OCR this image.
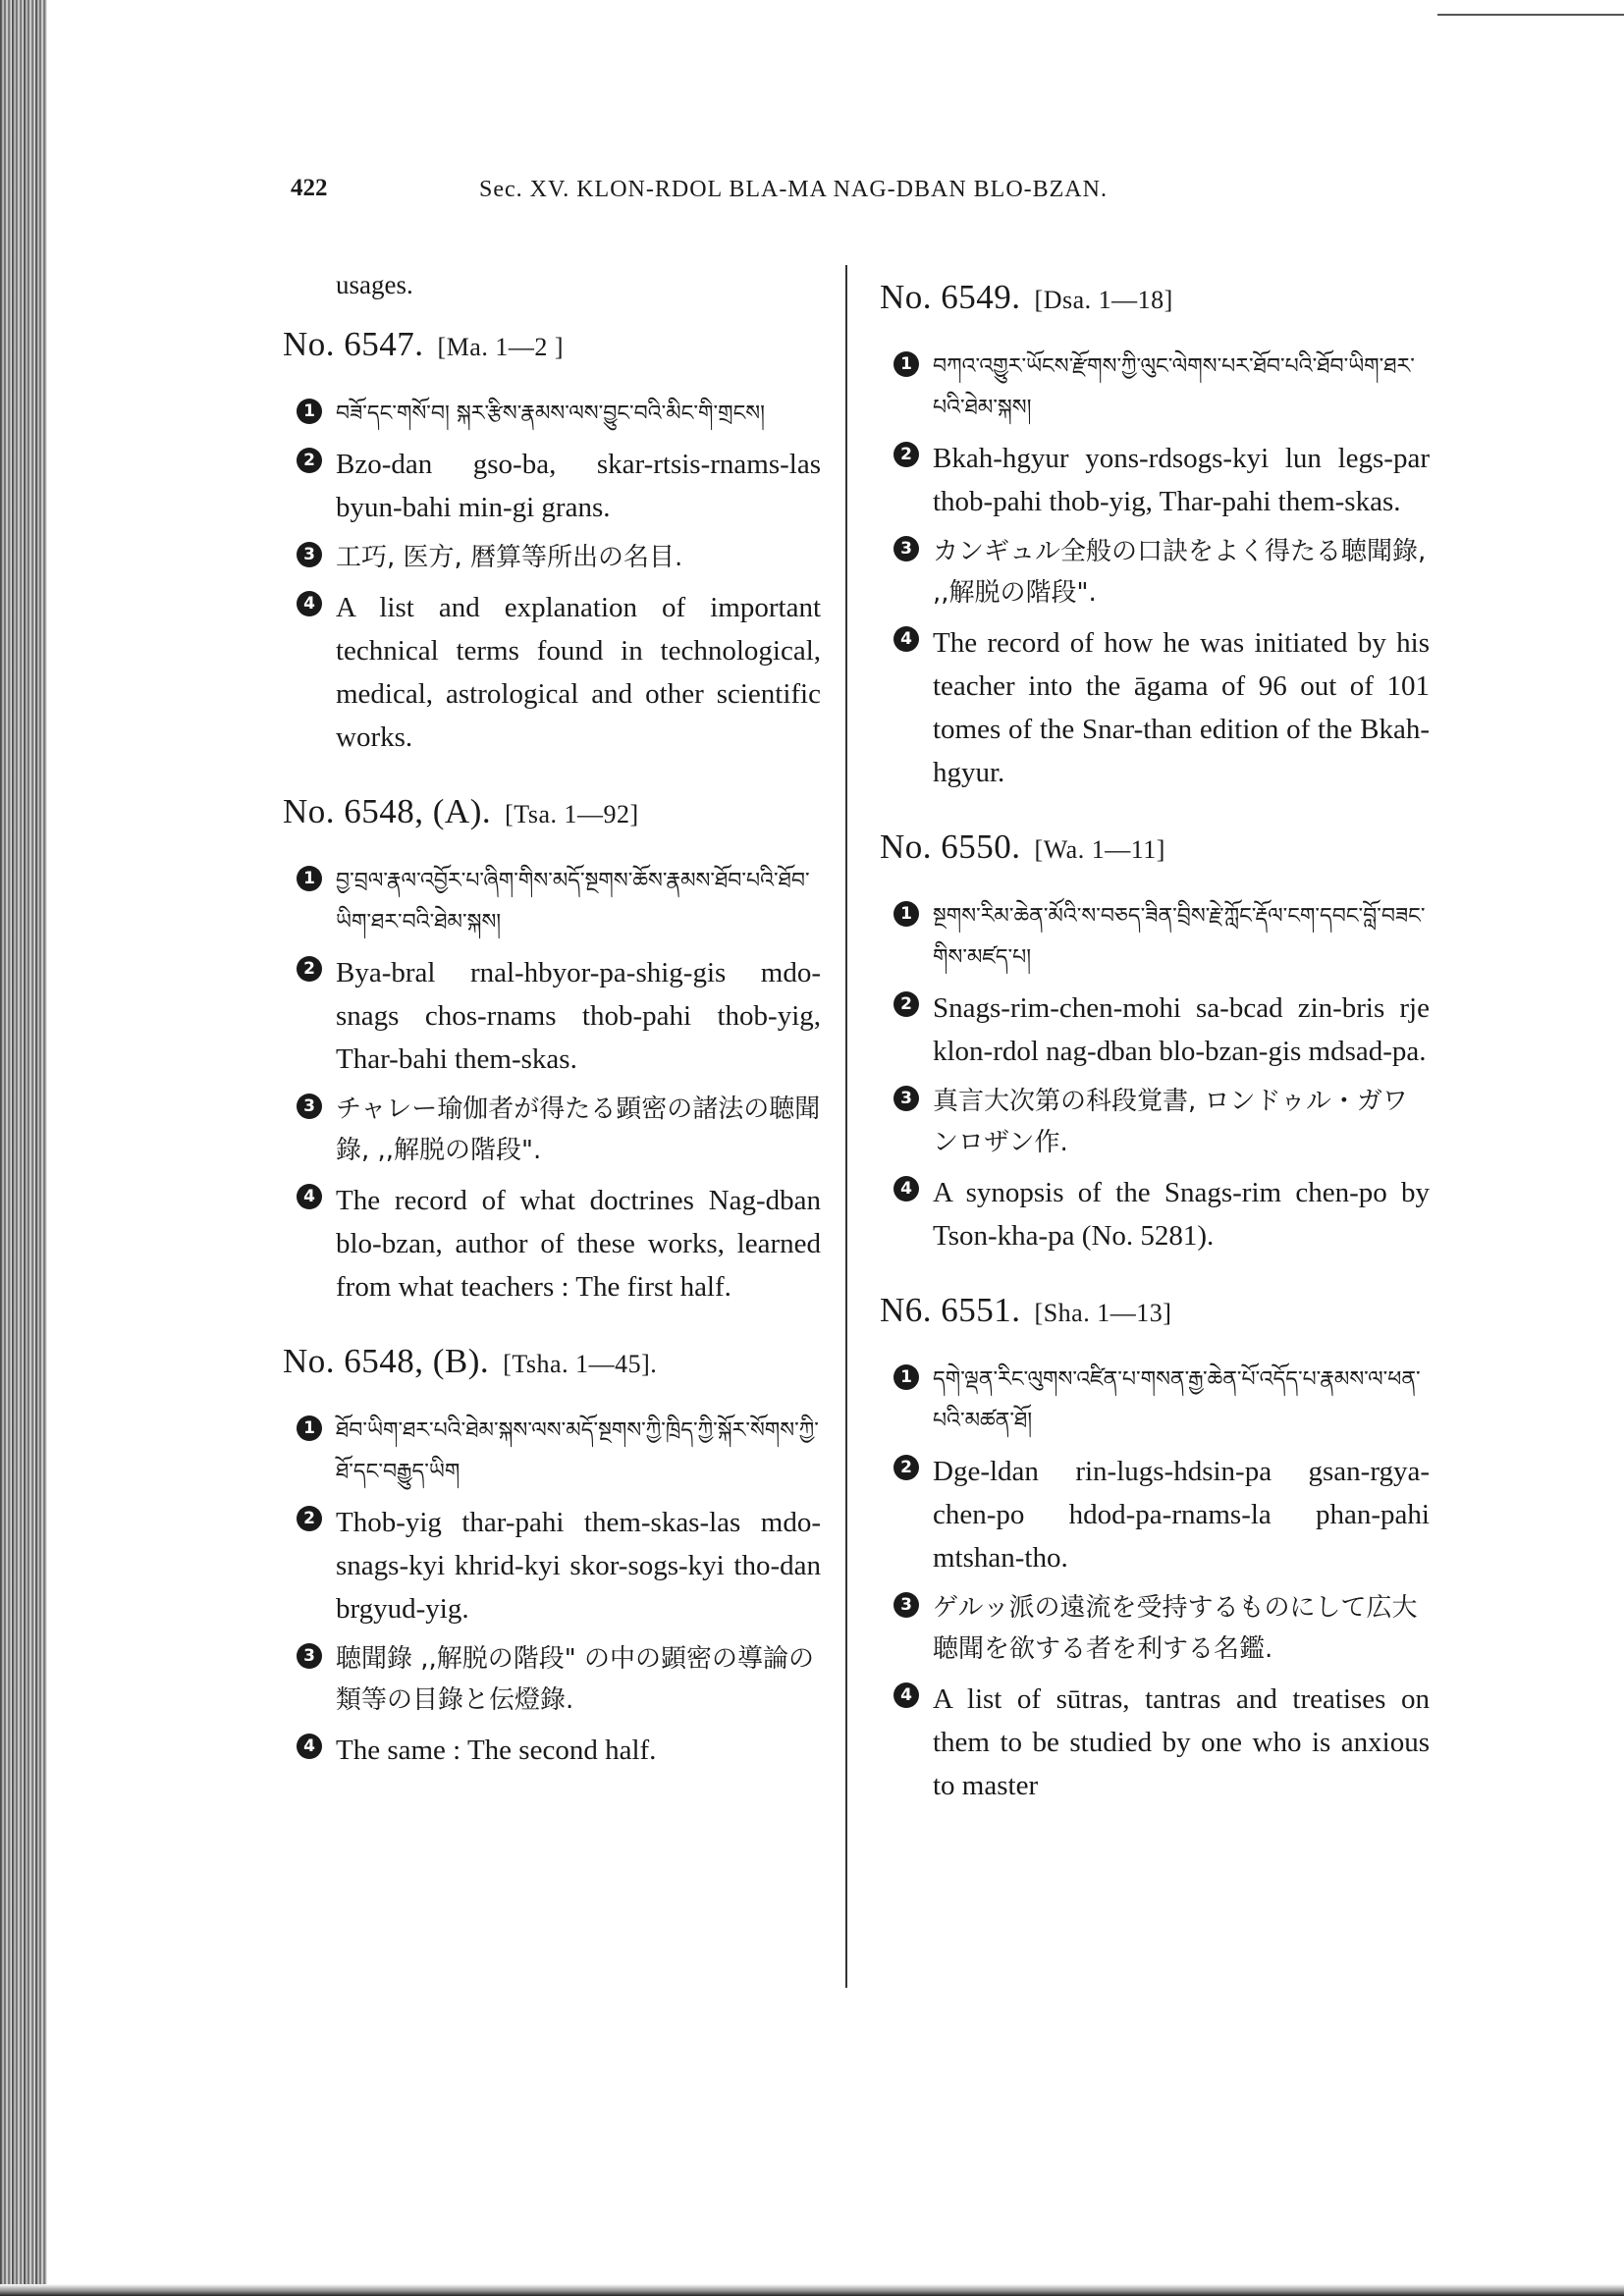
422	Sec. XV. KLON-RDOL BLA-MA NAG-DBAN BLO-BZAN.
usages.
No. 6547. [Ma. 1—2 ]
1 བཟོ་དང་གསོ་བ། སྐར་རྩིས་རྣམས་ལས་བྱུང་བའི་མིང་གི་གྲངས།
2 Bzo-dan gso-ba, skar-rtsis-rnams-las byun-bahi min-gi grans.
3 工巧, 医方, 暦算等所出の名目.
4 A list and explanation of important technical terms found in technological, medical, astrological and other scientific works.
No. 6548, (A). [Tsa. 1—92]
1 བྱ་བྲལ་རྣལ་འབྱོར་པ་ཞིག་གིས་མདོ་སྔགས་ཆོས་རྣམས་ཐོབ་པའི་ཐོབ་ཡིག་ཐར་བའི་ཐེམ་སྐས།
2 Bya-bral rnal-hbyor-pa-shig-gis mdo-snags chos-rnams thob-pahi thob-yig, Thar-bahi them-skas.
3 チャレー瑜伽者が得たる顕密の諸法の聴聞錄, ,,解脱の階段".
4 The record of what doctrines Nag-dban blo-bzan, author of these works, learned from what teachers : The first half.
No. 6548, (B). [Tsha. 1—45].
1 ཐོབ་ཡིག་ཐར་པའི་ཐེམ་སྐས་ལས་མདོ་སྔགས་ཀྱི་ཁྲིད་ཀྱི་སྐོར་སོགས་ཀྱི་ཐོ་དང་བརྒྱུད་ཡིག
2 Thob-yig thar-pahi them-skas-las mdo-snags-kyi khrid-kyi skor-sogs-kyi tho-dan brgyud-yig.
3 聴聞錄 ,,解脱の階段" の中の顕密の導論の類等の目錄と伝燈錄.
4 The same : The second half.
No. 6549. [Dsa. 1—18]
1 བཀའ་འགྱུར་ཡོངས་རྫོགས་ཀྱི་ལུང་ལེགས་པར་ཐོབ་པའི་ཐོབ་ཡིག་ཐར་པའི་ཐེམ་སྐས།
2 Bkah-hgyur yons-rdsogs-kyi lun legs-par thob-pahi thob-yig, Thar-pahi them-skas.
3 カンギュル全般の口訣をよく得たる聴聞錄, ,,解脱の階段".
4 The record of how he was initiated by his teacher into the āgama of 96 out of 101 tomes of the Snar-than edition of the Bkah-hgyur.
No. 6550. [Wa. 1—11]
1 སྔགས་རིམ་ཆེན་མོའི་ས་བཅད་ཟིན་བྲིས་རྗེ་ཀློང་རྡོལ་ངག་དབང་བློ་བཟང་གིས་མཛད་པ།
2 Snags-rim-chen-mohi sa-bcad zin-bris rje klon-rdol nag-dban blo-bzan-gis mdsad-pa.
3 真言大次第の科段覚書, ロンドゥル・ガワンロザン作.
4 A synopsis of the Snags-rim chen-po by Tson-kha-pa (No. 5281).
N6. 6551. [Sha. 1—13]
1 དགེ་ལྡན་རིང་ལུགས་འཛིན་པ་གསན་རྒྱ་ཆེན་པོ་འདོད་པ་རྣམས་ལ་ཕན་པའི་མཚན་ཐོ།
2 Dge-ldan rin-lugs-hdsin-pa gsan-rgya-chen-po hdod-pa-rnams-la phan-pahi mtshan-tho.
3 ゲルッ派の遠流を受持するものにして広大聴聞を欲する者を利する名鑑.
4 A list of sūtras, tantras and treatises on them to be studied by one who is anxious to master
